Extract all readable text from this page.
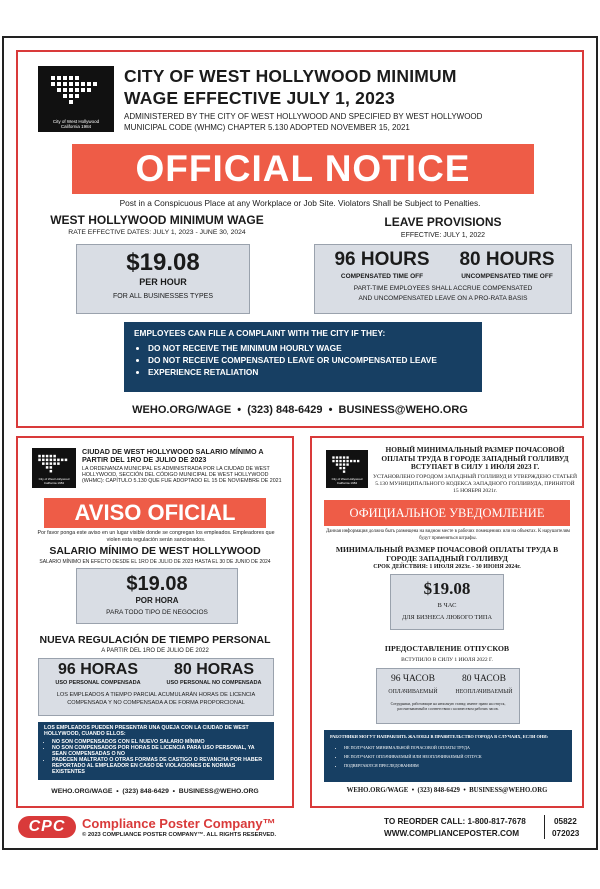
City of West Hollywood
California 1984
CITY OF WEST HOLLYWOOD MINIMUM
WAGE EFFECTIVE JULY 1, 2023
ADMINISTERED BY THE CITY OF WEST HOLLYWOOD AND SPECIFIED BY WEST HOLLYWOOD
MUNICIPAL CODE (WHMC) CHAPTER 5.130 ADOPTED NOVEMBER 15, 2021
OFFICIAL NOTICE
Post in a Conspicuous Place at any Workplace or Job Site. Violators Shall be Subject to Penalties.
WEST HOLLYWOOD MINIMUM WAGE
RATE EFFECTIVE DATES: JULY 1, 2023 - JUNE 30, 2024
$19.08
PER HOUR
FOR ALL BUSINESSES TYPES
LEAVE PROVISIONS
EFFECTIVE: JULY 1, 2022
96 HOURS
COMPENSATED TIME OFF
80 HOURS
UNCOMPENSATED TIME OFF
PART-TIME EMPLOYEES SHALL ACCRUE COMPENSATED
AND UNCOMPENSATED LEAVE ON A PRO-RATA BASIS
EMPLOYEES CAN FILE A COMPLAINT WITH THE CITY IF THEY:
• DO NOT RECEIVE THE MINIMUM HOURLY WAGE
• DO NOT RECEIVE COMPENSATED LEAVE OR UNCOMPENSATED LEAVE
• EXPERIENCE RETALIATION
WEHO.ORG/WAGE  •  (323) 848-6429  •  BUSINESS@WEHO.ORG
City of West Hollywood
California 1984
CIUDAD DE WEST HOLLYWOOD SALARIO MÍNIMO A PARTIR DEL 1RO DE JULIO DE 2023
LA ORDENANZA MUNICIPAL ES ADMINISTRADA POR LA CIUDAD DE WEST HOLLYWOOD, SECCIÓN DEL CÓDIGO MUNICIPAL DE WEST HOLLYWOOD (WHMC): CAPÍTULO 5.130 QUE FUE ADOPTADO EL 15 DE NOVIEMBRE DE 2021
AVISO OFICIAL
Por favor ponga este aviso en un lugar visible donde se congregan los empleados. Empleadores que violen esta regulación serán sancionados.
SALARIO MÍNIMO DE WEST HOLLYWOOD
SALARIO MÍNIMO EN EFECTO DESDE EL 1RO DE JULIO DE 2023 HASTA EL 30 DE JUNIO DE 2024
$19.08
POR HORA
PARA TODO TIPO DE NEGOCIOS
NUEVA REGULACIÓN DE TIEMPO PERSONAL
A PARTIR DEL 1RO DE JULIO DE 2022
96 HORAS
USO PERSONAL COMPENSADA
80 HORAS
USO PERSONAL NO COMPENSADA
LOS EMPLEADOS A TIEMPO PARCIAL ACUMULARÁN HORAS DE LICENCIA COMPENSADA Y NO COMPENSADA A DE FORMA PROPORCIONAL
LOS EMPLEADOS PUEDEN PRESENTAR UNA QUEJA CON LA CIUDAD DE WEST HOLLYWOOD, CUANDO ELLOS:
• NO SON COMPENSADOS CON EL NUEVO SALARIO MÍNIMO
• NO SON COMPENSADOS POR HORAS DE LICENCIA PARA USO PERSONAL, YA SEAN COMPENSADAS O NO
• PADECEN MALTRATO O OTRAS FORMAS DE CASTIGO O REVANCHA POR HABER REPORTADO AL EMPLEADOR EN CASO DE VIOLACIONES DE NORMAS EXISTENTES
WEHO.ORG/WAGE  •  (323) 848-6429  •  BUSINESS@WEHO.ORG
City of West Hollywood
California 1984
НОВЫЙ МИНИМАЛЬНЫЙ РАЗМЕР ПОЧАСОВОЙ ОПЛАТЫ ТРУДА В ГОРОДЕ ЗАПАДНЫЙ ГОЛЛИВУД ВСТУПАЕТ В СИЛУ 1 ИЮЛЯ 2023 Г.
УСТАНОВЛЕНО ГОРОДОМ ЗАПАДНЫЙ ГОЛЛИВУД И УТВЕРЖДЕНО СТАТЬЕЙ 5.130 МУНИЦИПАЛЬНОГО КОДЕКСА ЗАПАДНОГО ГОЛЛИВУДА, ПРИНЯТОЙ 15 НОЯБРЯ 2021г.
ОФИЦИАЛЬНОЕ УВЕДОМЛЕНИЕ
Данная информация должна быть размещена на видном месте в рабочих помещениях или на объектах. К нарушителям будут применяться штрафы.
МИНИМАЛЬНЫЙ РАЗМЕР ПОЧАСОВОЙ ОПЛАТЫ ТРУДА В ГОРОДЕ ЗАПАДНЫЙ ГОЛЛИВУД
СРОК ДЕЙСТВИЯ: 1 ИЮЛЯ 2023г. - 30 ИЮНЯ 2024г.
$19.08
В ЧАС
ДЛЯ БИЗНЕСА ЛЮБОГО ТИПА
ПРЕДОСТАВЛЕНИЕ ОТПУСКОВ
ВСТУПИЛО В СИЛУ 1 ИЮЛЯ 2022 Г.
96 ЧАСОВ
ОПЛАЧИВАЕМЫЙ
80 ЧАСОВ
НЕОПЛАЧИВАЕМЫЙ
Сотрудники, работающие на неполную ставку, имеют право на отпуск, рассчитываемый в соответствии с количеством рабочих часов.
РАБОТНИКИ МОГУТ НАПРАВЛЯТЬ ЖАЛОБЫ В ПРАВИТЕЛЬСТВО ГОРОДА В СЛУЧАЯХ, ЕСЛИ ОНИ:
• НЕ ПОЛУЧАЮТ МИНИМАЛЬНОЙ ПОЧАСОВОЙ ОПЛАТЫ ТРУДА
• НЕ ПОЛУЧАЮТ ОПЛАЧИВАЕМЫЙ ИЛИ НЕОПЛАЧИВАЕМЫЙ ОТПУСК
• ПОДВЕРГАЮТСЯ ПРЕСЛЕДОВАНИЯМ
WEHO.ORG/WAGE  •  (323) 848-6429  •  BUSINESS@WEHO.ORG
CPC	Compliance Poster Company™
© 2023 COMPLIANCE POSTER COMPANY™. ALL RIGHTS RESERVED.
TO REORDER CALL: 1-800-817-7678
WWW.COMPLIANCEPOSTER.COM
05822
072023
